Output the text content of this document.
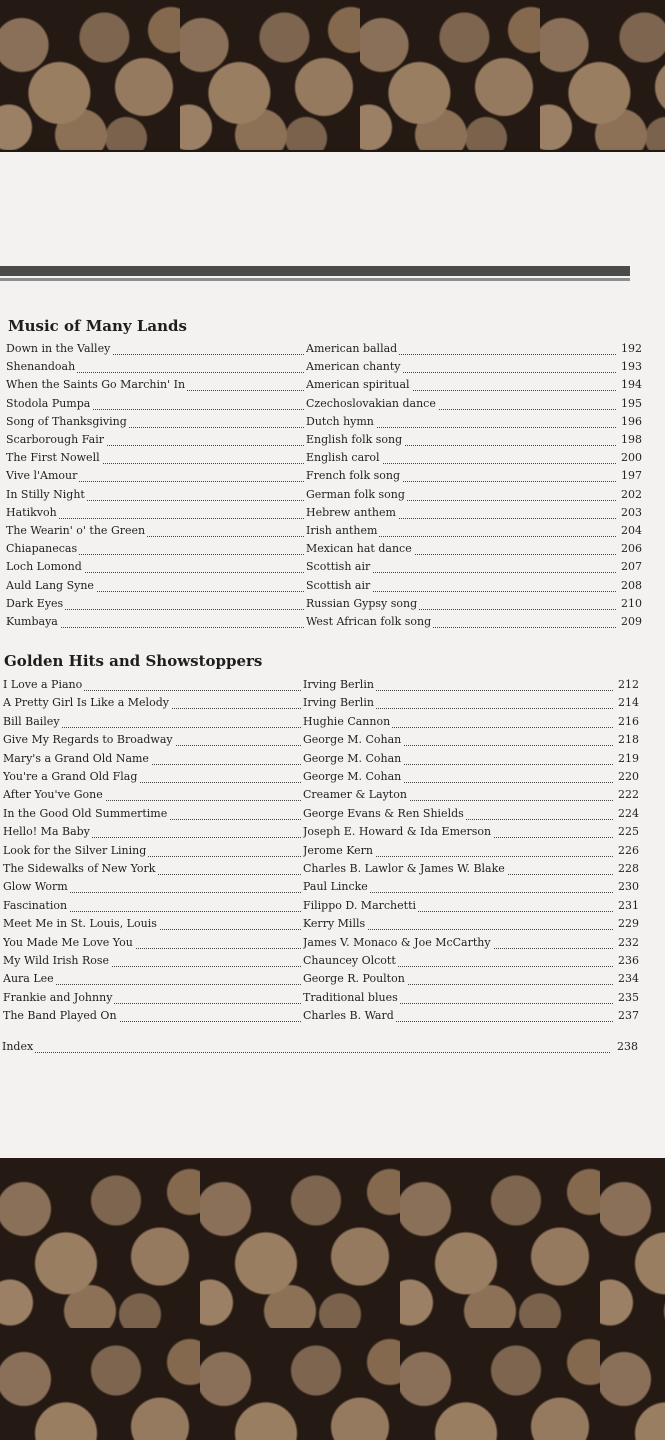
Music of Many Lands
Down in the Valley	American ballad	192
Shenandoah	American chanty	193
When the Saints Go Marchin' In	American spiritual	194
Stodola Pumpa	Czechoslovakian dance	195
Song of Thanksgiving	Dutch hymn	196
Scarborough Fair	English folk song	198
The First Nowell	English carol	200
Vive l'Amour	French folk song	197
In Stilly Night	German folk song	202
Hatikvoh	Hebrew anthem	203
The Wearin' o' the Green	Irish anthem	204
Chiapanecas	Mexican hat dance	206
Loch Lomond	Scottish air	207
Auld Lang Syne	Scottish air	208
Dark Eyes	Russian Gypsy song	210
Kumbaya	West African folk song	209
Golden Hits and Showstoppers
I Love a Piano	Irving Berlin	212
A Pretty Girl Is Like a Melody	Irving Berlin	214
Bill Bailey	Hughie Cannon	216
Give My Regards to Broadway	George M. Cohan	218
Mary's a Grand Old Name	George M. Cohan	219
You're a Grand Old Flag	George M. Cohan	220
After You've Gone	Creamer & Layton	222
In the Good Old Summertime	George Evans & Ren Shields	224
Hello! Ma Baby	Joseph E. Howard & Ida Emerson	225
Look for the Silver Lining	Jerome Kern	226
The Sidewalks of New York	Charles B. Lawlor & James W. Blake	228
Glow Worm	Paul Lincke	230
Fascination	Filippo D. Marchetti	231
Meet Me in St. Louis, Louis	Kerry Mills	229
You Made Me Love You	James V. Monaco & Joe McCarthy	232
My Wild Irish Rose	Chauncey Olcott	236
Aura Lee	George R. Poulton	234
Frankie and Johnny	Traditional blues	235
The Band Played On	Charles B. Ward	237
Index	238
